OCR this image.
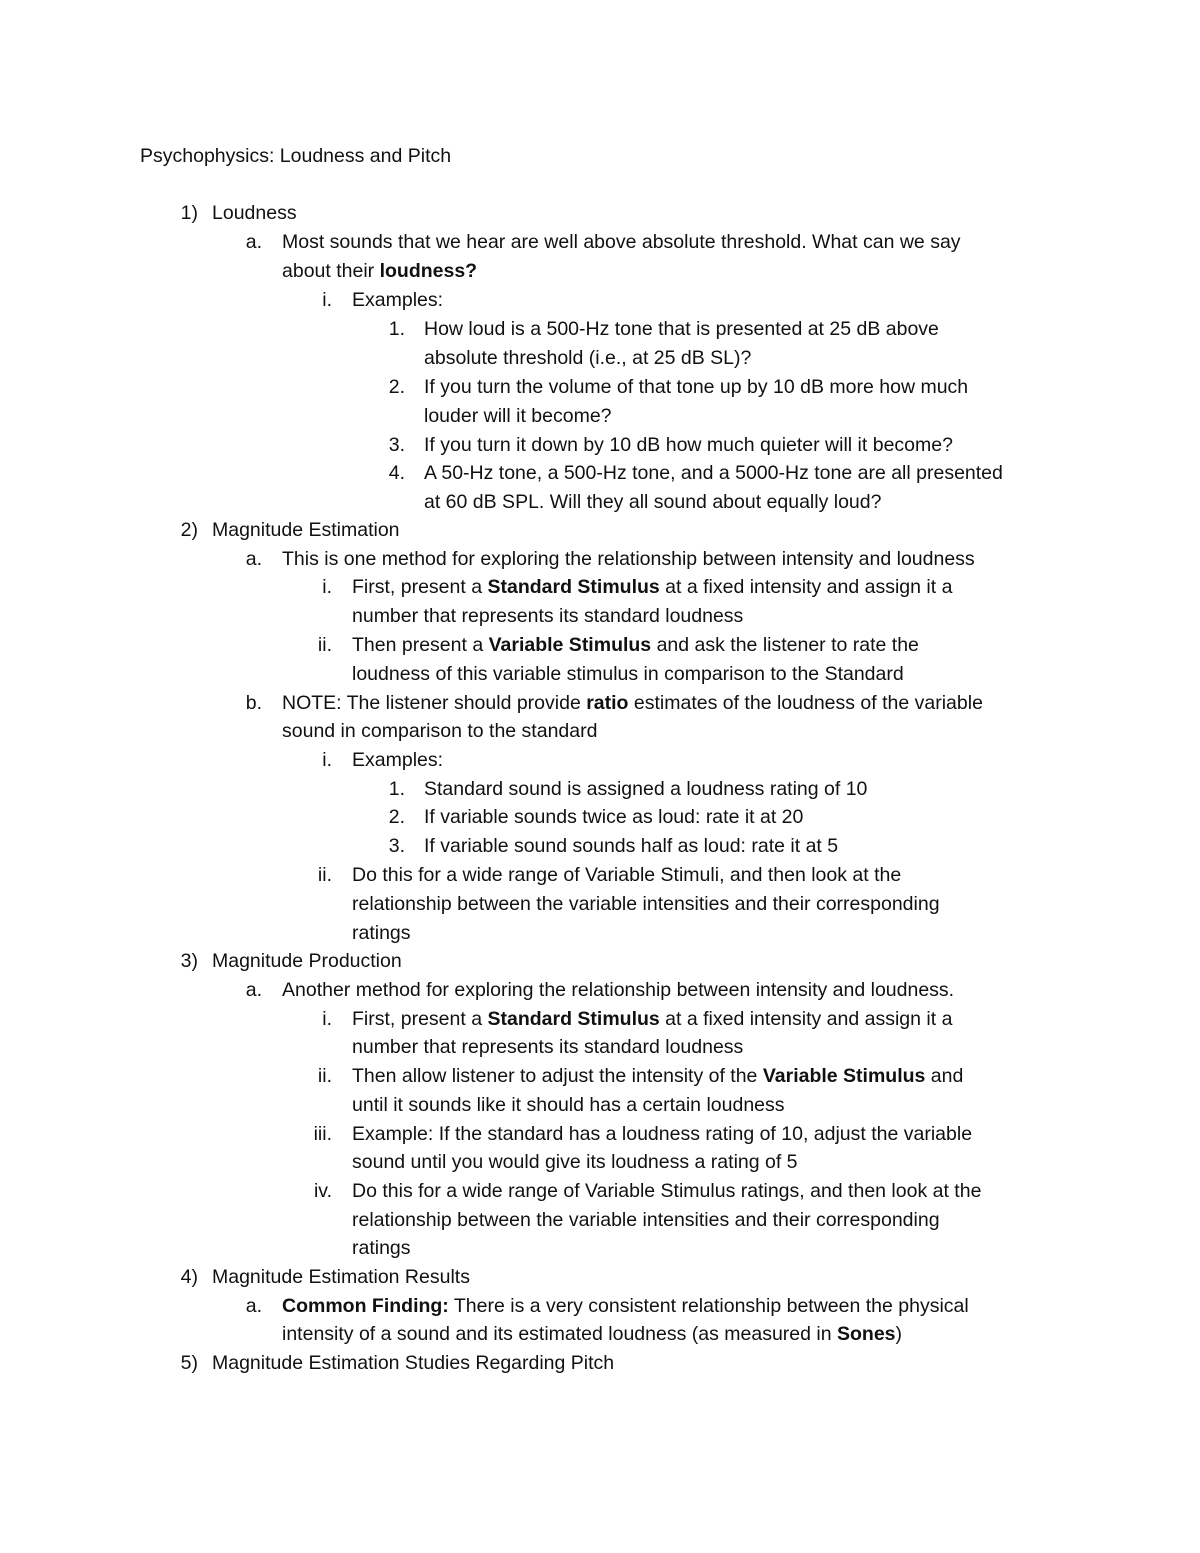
Psychophysics: Loudness and Pitch
1) Loudness
a. Most sounds that we hear are well above absolute threshold. What can we say
about their loudness?
i. Examples:
1. How loud is a 500-Hz tone that is presented at 25 dB above
absolute threshold (i.e., at 25 dB SL)?
2. If you turn the volume of that tone up by 10 dB more how much
louder will it become?
3. If you turn it down by 10 dB how much quieter will it become?
4. A 50-Hz tone, a 500-Hz tone, and a 5000-Hz tone are all presented
at 60 dB SPL. Will they all sound about equally loud?
2) Magnitude Estimation
a. This is one method for exploring the relationship between intensity and loudness
i. First, present a Standard Stimulus at a fixed intensity and assign it a
number that represents its standard loudness
ii. Then present a Variable Stimulus and ask the listener to rate the
loudness of this variable stimulus in comparison to the Standard
b. NOTE: The listener should provide ratio estimates of the loudness of the variable
sound in comparison to the standard
i. Examples:
1. Standard sound is assigned a loudness rating of 10
2. If variable sounds twice as loud: rate it at 20
3. If variable sound sounds half as loud: rate it at 5
ii. Do this for a wide range of Variable Stimuli, and then look at the
relationship between the variable intensities and their corresponding
ratings
3) Magnitude Production
a. Another method for exploring the relationship between intensity and loudness.
i. First, present a Standard Stimulus at a fixed intensity and assign it a
number that represents its standard loudness
ii. Then allow listener to adjust the intensity of the Variable Stimulus and
until it sounds like it should has a certain loudness
iii. Example: If the standard has a loudness rating of 10, adjust the variable
sound until you would give its loudness a rating of 5
iv. Do this for a wide range of Variable Stimulus ratings, and then look at the
relationship between the variable intensities and their corresponding
ratings
4) Magnitude Estimation Results
a. Common Finding: There is a very consistent relationship between the physical
intensity of a sound and its estimated loudness (as measured in Sones)
5) Magnitude Estimation Studies Regarding Pitch
